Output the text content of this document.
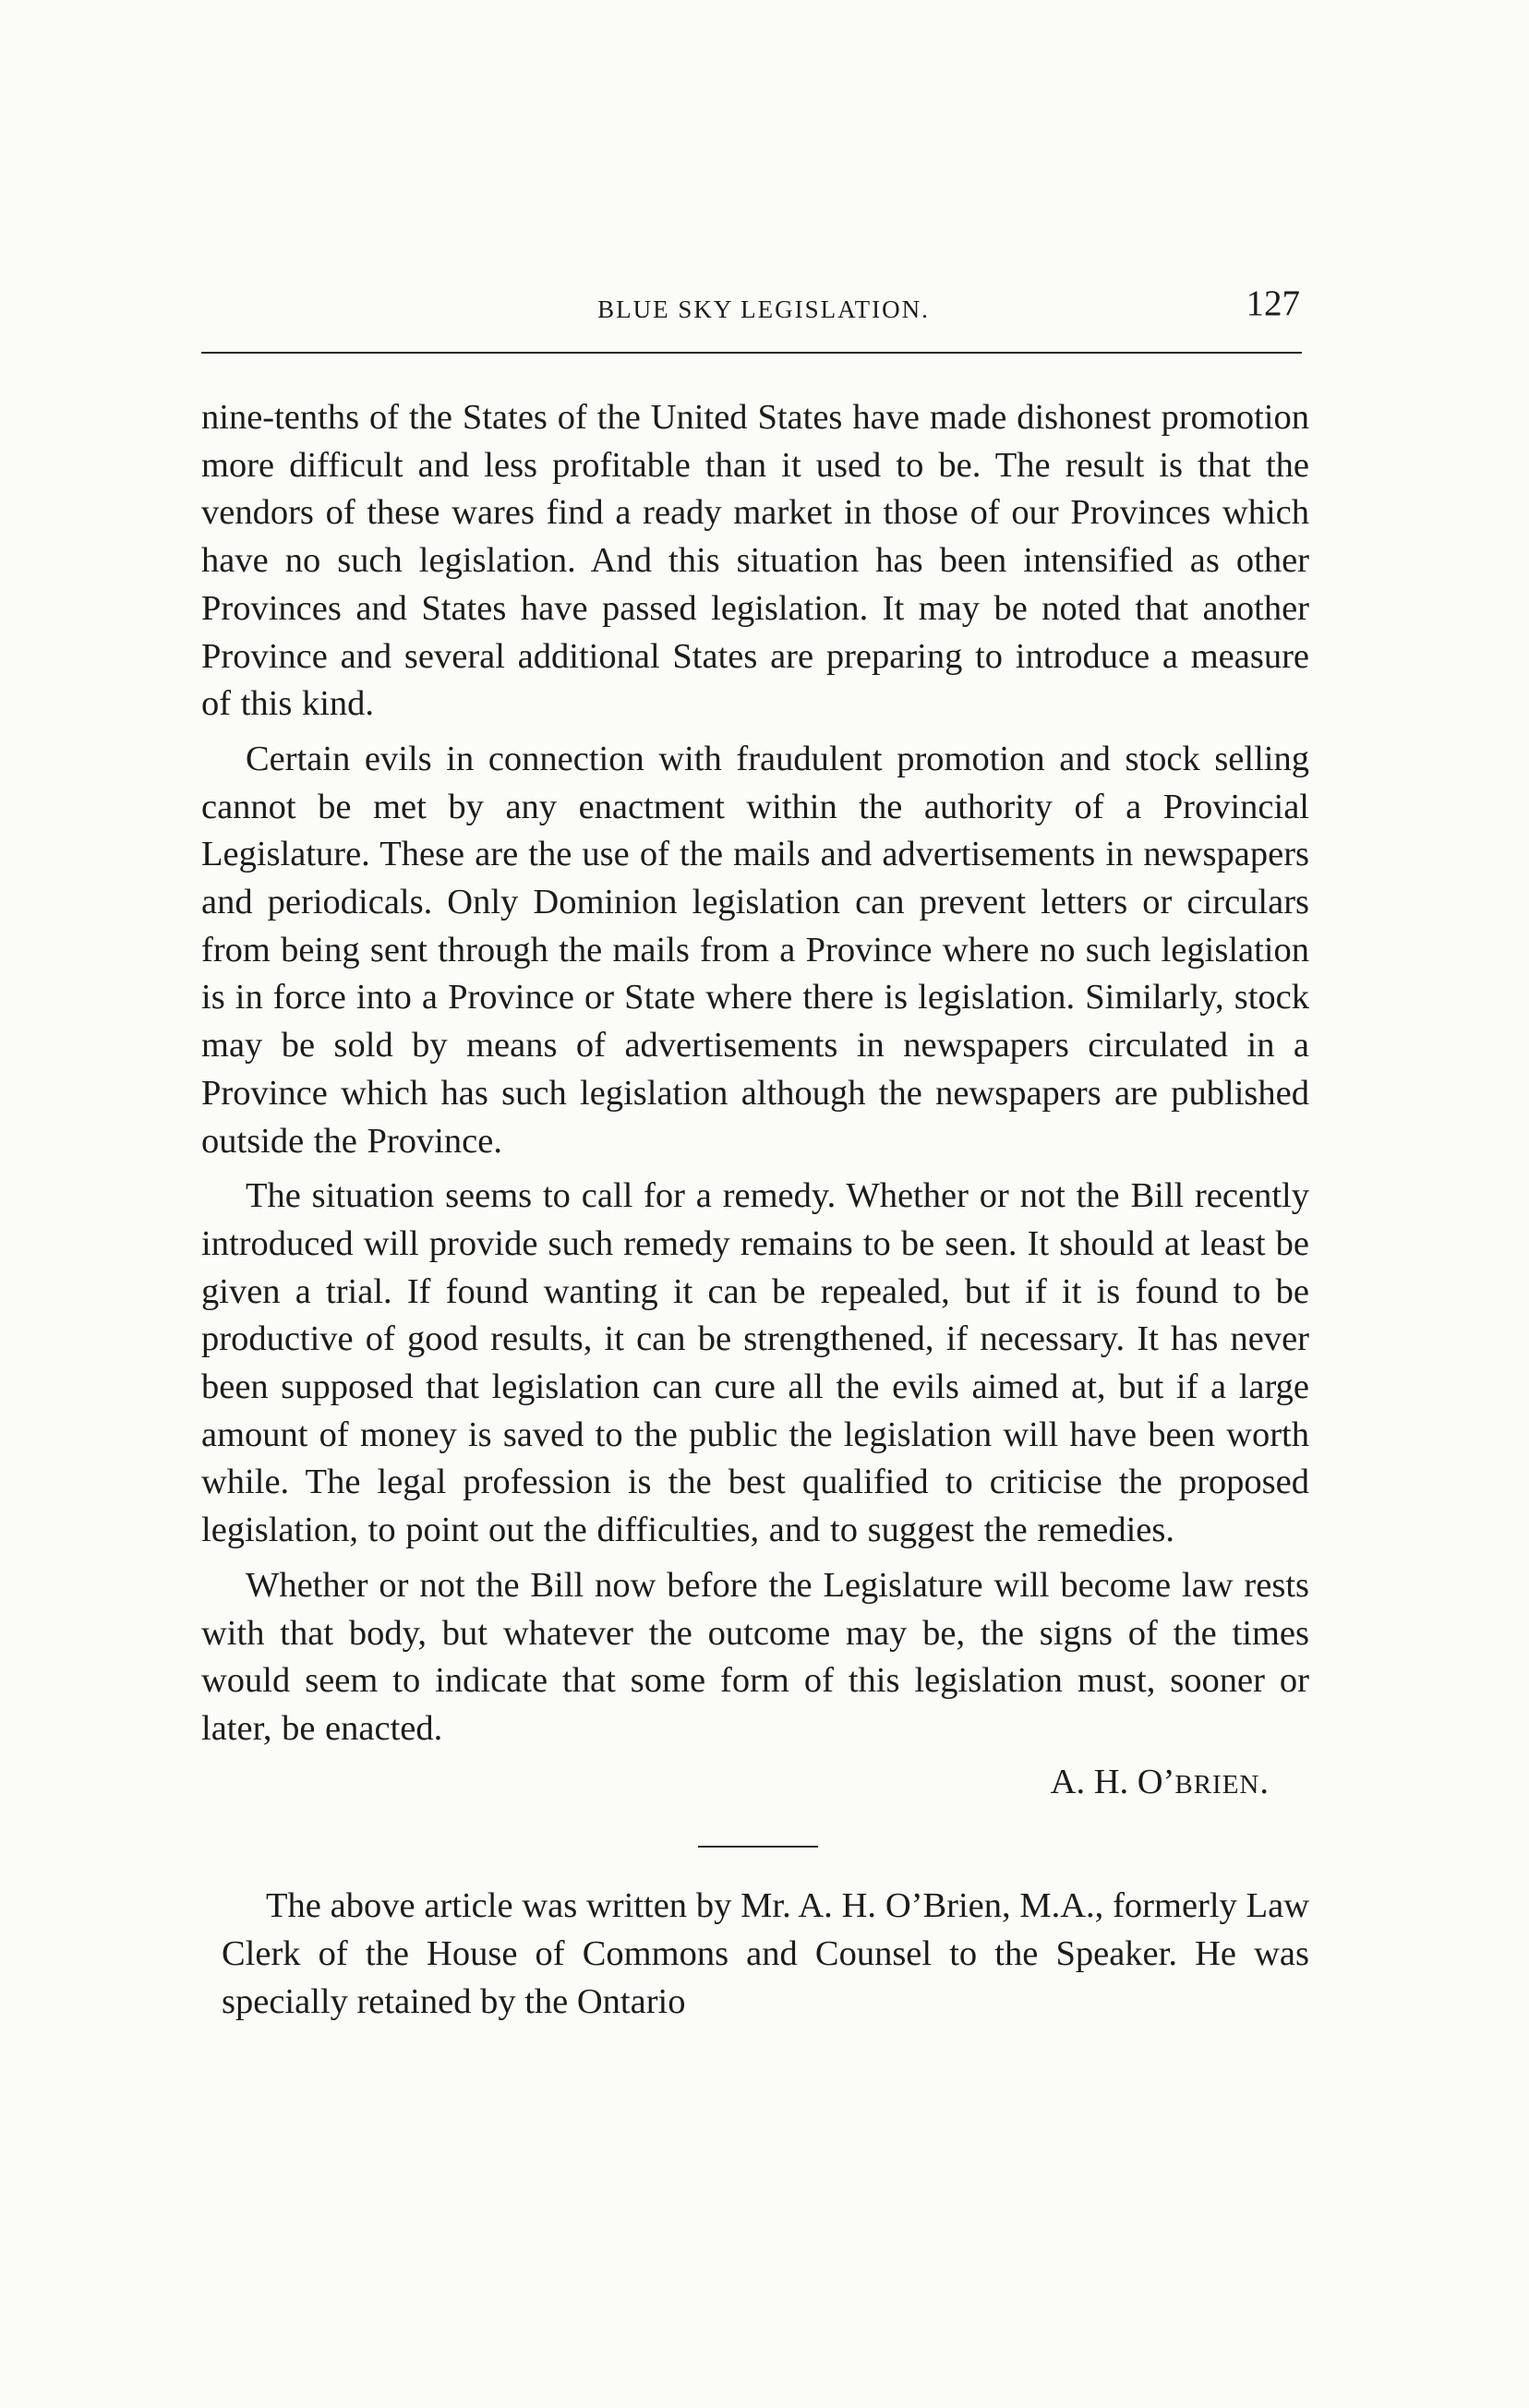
BLUE SKY LEGISLATION.	127

nine-tenths of the States of the United States have made dishonest promotion more difficult and less profitable than it used to be. The result is that the vendors of these wares find a ready market in those of our Provinces which have no such legislation. And this situation has been intensified as other Provinces and States have passed legislation. It may be noted that another Province and several additional States are preparing to introduce a measure of this kind.

Certain evils in connection with fraudulent promotion and stock selling cannot be met by any enactment within the authority of a Provincial Legislature. These are the use of the mails and advertisements in newspapers and periodicals. Only Dominion legislation can prevent letters or circulars from being sent through the mails from a Province where no such legislation is in force into a Province or State where there is legislation. Similarly, stock may be sold by means of advertisements in newspapers circulated in a Province which has such legislation although the newspapers are published outside the Province.

The situation seems to call for a remedy. Whether or not the Bill recently introduced will provide such remedy remains to be seen. It should at least be given a trial. If found wanting it can be repealed, but if it is found to be productive of good results, it can be strengthened, if necessary. It has never been supposed that legislation can cure all the evils aimed at, but if a large amount of money is saved to the public the legislation will have been worth while. The legal profession is the best qualified to criticise the proposed legislation, to point out the difficulties, and to suggest the remedies.

Whether or not the Bill now before the Legislature will become law rests with that body, but whatever the outcome may be, the signs of the times would seem to indicate that some form of this legislation must, sooner or later, be enacted.

A. H. O’BRIEN.

The above article was written by Mr. A. H. O’Brien, M.A., formerly Law Clerk of the House of Commons and Counsel to the Speaker. He was specially retained by the Ontario
